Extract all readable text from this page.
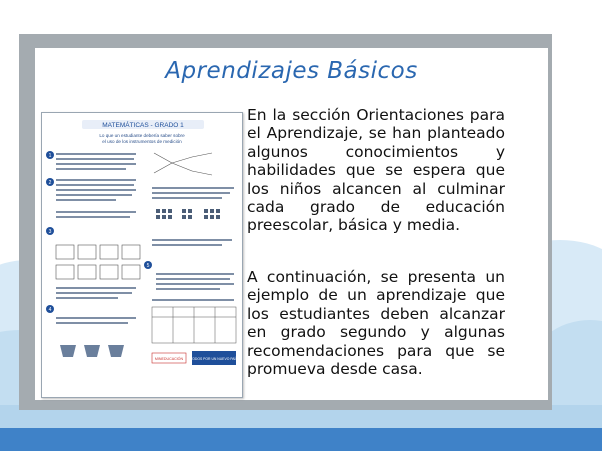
Aprendizajes Básicos
MATEMÁTICAS - GRADO 1
Lo que un estudiante debería saber sobre
el uso de los instrumentos de medición
1
2
3
4
5
MINEDUCACIÓN TODOS POR UN NUEVO PAÍS

En la sección Orientaciones para el Aprendizaje, se han planteado algunos conocimientos y habilidades que se espera que los niños alcancen al culminar cada grado de educación preescolar, básica y media.

A continuación, se presenta un ejemplo de un aprendizaje que los estudiantes deben alcanzar en grado segundo y algunas recomendaciones para que se promueva desde casa.
